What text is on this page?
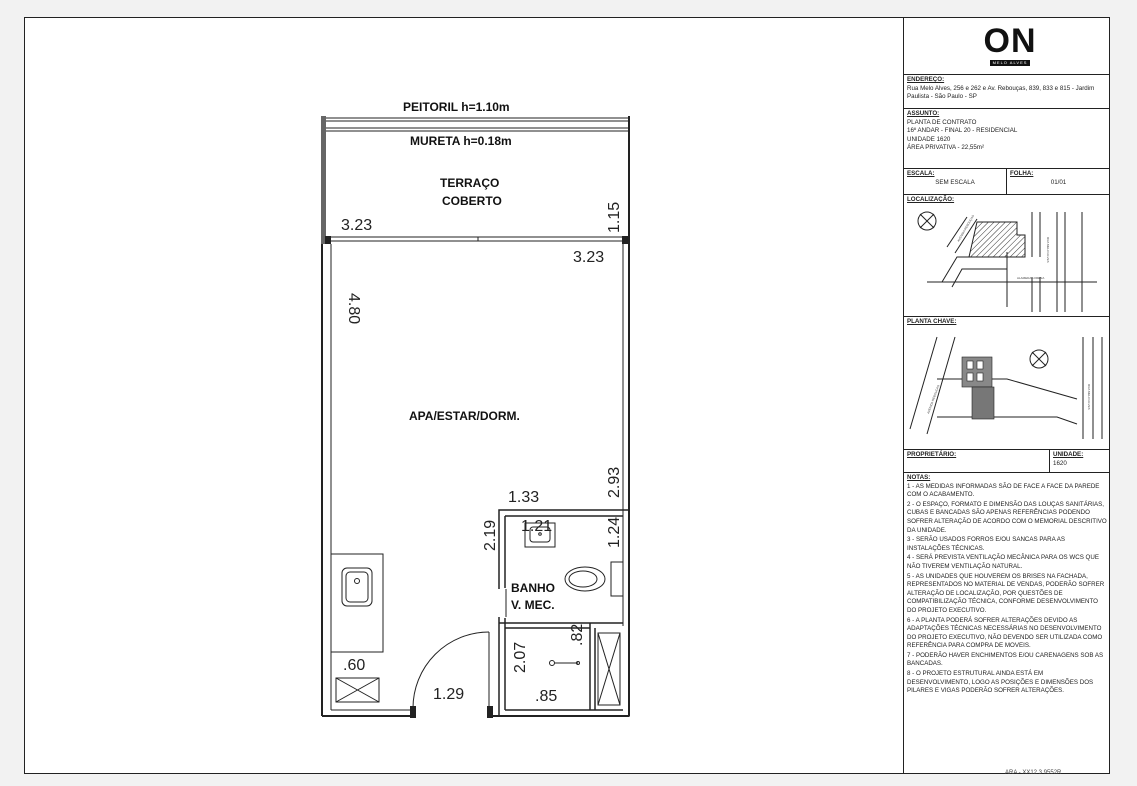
PEITORIL h=1.10m
MURETA h=0.18m
TERRAÇO
COBERTO
APA/ESTAR/DORM.
BANHO
V. MEC.
3.23
3.23
1.15
4.80
2.93
1.33
2.19 1.21	1.24
.60
1.29
2.07
.82
.85
ON
MELO ALVES
ENDEREÇO:
Rua Melo Alves, 256 e 262 e Av. Rebouças, 839, 833 e 815 - Jardim Paulista - São Paulo - SP
ASSUNTO:
PLANTA DE CONTRATO
16º ANDAR - FINAL 20 - RESIDENCIAL
UNIDADE 1620
ÁREA PRIVATIVA - 22,55m²
ESCALA:
SEM ESCALA
FOLHA:
01/01
LOCALIZAÇÃO:
AVENIDA REBOUÇAS
RUA MELO ALVES
ALAMEDA LORENA
PLANTA CHAVE:
AVENIDA REBOUÇAS	RUA MELO ALVES
PROPRIETÁRIO:	UNIDADE:
1620
NOTAS:
1 - AS MEDIDAS INFORMADAS SÃO DE FACE A FACE DA PAREDE COM O ACABAMENTO.
2 - O ESPAÇO, FORMATO E DIMENSÃO DAS LOUÇAS SANITÁRIAS, CUBAS E BANCADAS SÃO APENAS REFERÊNCIAS PODENDO SOFRER ALTERAÇÃO DE ACORDO COM O MEMORIAL DESCRITIVO DA UNIDADE.
3 - SERÃO USADOS FORROS E/OU SANCAS PARA AS INSTALAÇÕES TÉCNICAS.
4 - SERÁ PREVISTA VENTILAÇÃO MECÂNICA PARA OS WCS QUE NÃO TIVEREM VENTILAÇÃO NATURAL.
5 - AS UNIDADES QUE HOUVEREM OS BRISES NA FACHADA, REPRESENTADOS NO MATERIAL DE VENDAS, PODERÃO SOFRER ALTERAÇÃO DE LOCALIZAÇÃO, POR QUESTÕES DE COMPATIBILIZAÇÃO TÉCNICA, CONFORME DESENVOLVIMENTO DO PROJETO EXECUTIVO.
6 - A PLANTA PODERÁ SOFRER ALTERAÇÕES DEVIDO AS ADAPTAÇÕES TÉCNICAS NECESSÁRIAS NO DESENVOLVIMENTO DO PROJETO EXECUTIVO, NÃO DEVENDO SER UTILIZADA COMO REFERÊNCIA PARA COMPRA DE MOVEIS.
7 - PODERÃO HAVER ENCHIMENTOS E/OU CARENAGENS SOB AS BANCADAS.
8 - O PROJETO ESTRUTURAL AINDA ESTÁ EM DESENVOLVIMENTO, LOGO AS POSIÇÕES E DIMENSÕES DOS PILARES E VIGAS PODERÃO SOFRER ALTERAÇÕES.
ARA - XX12 3 9552R
